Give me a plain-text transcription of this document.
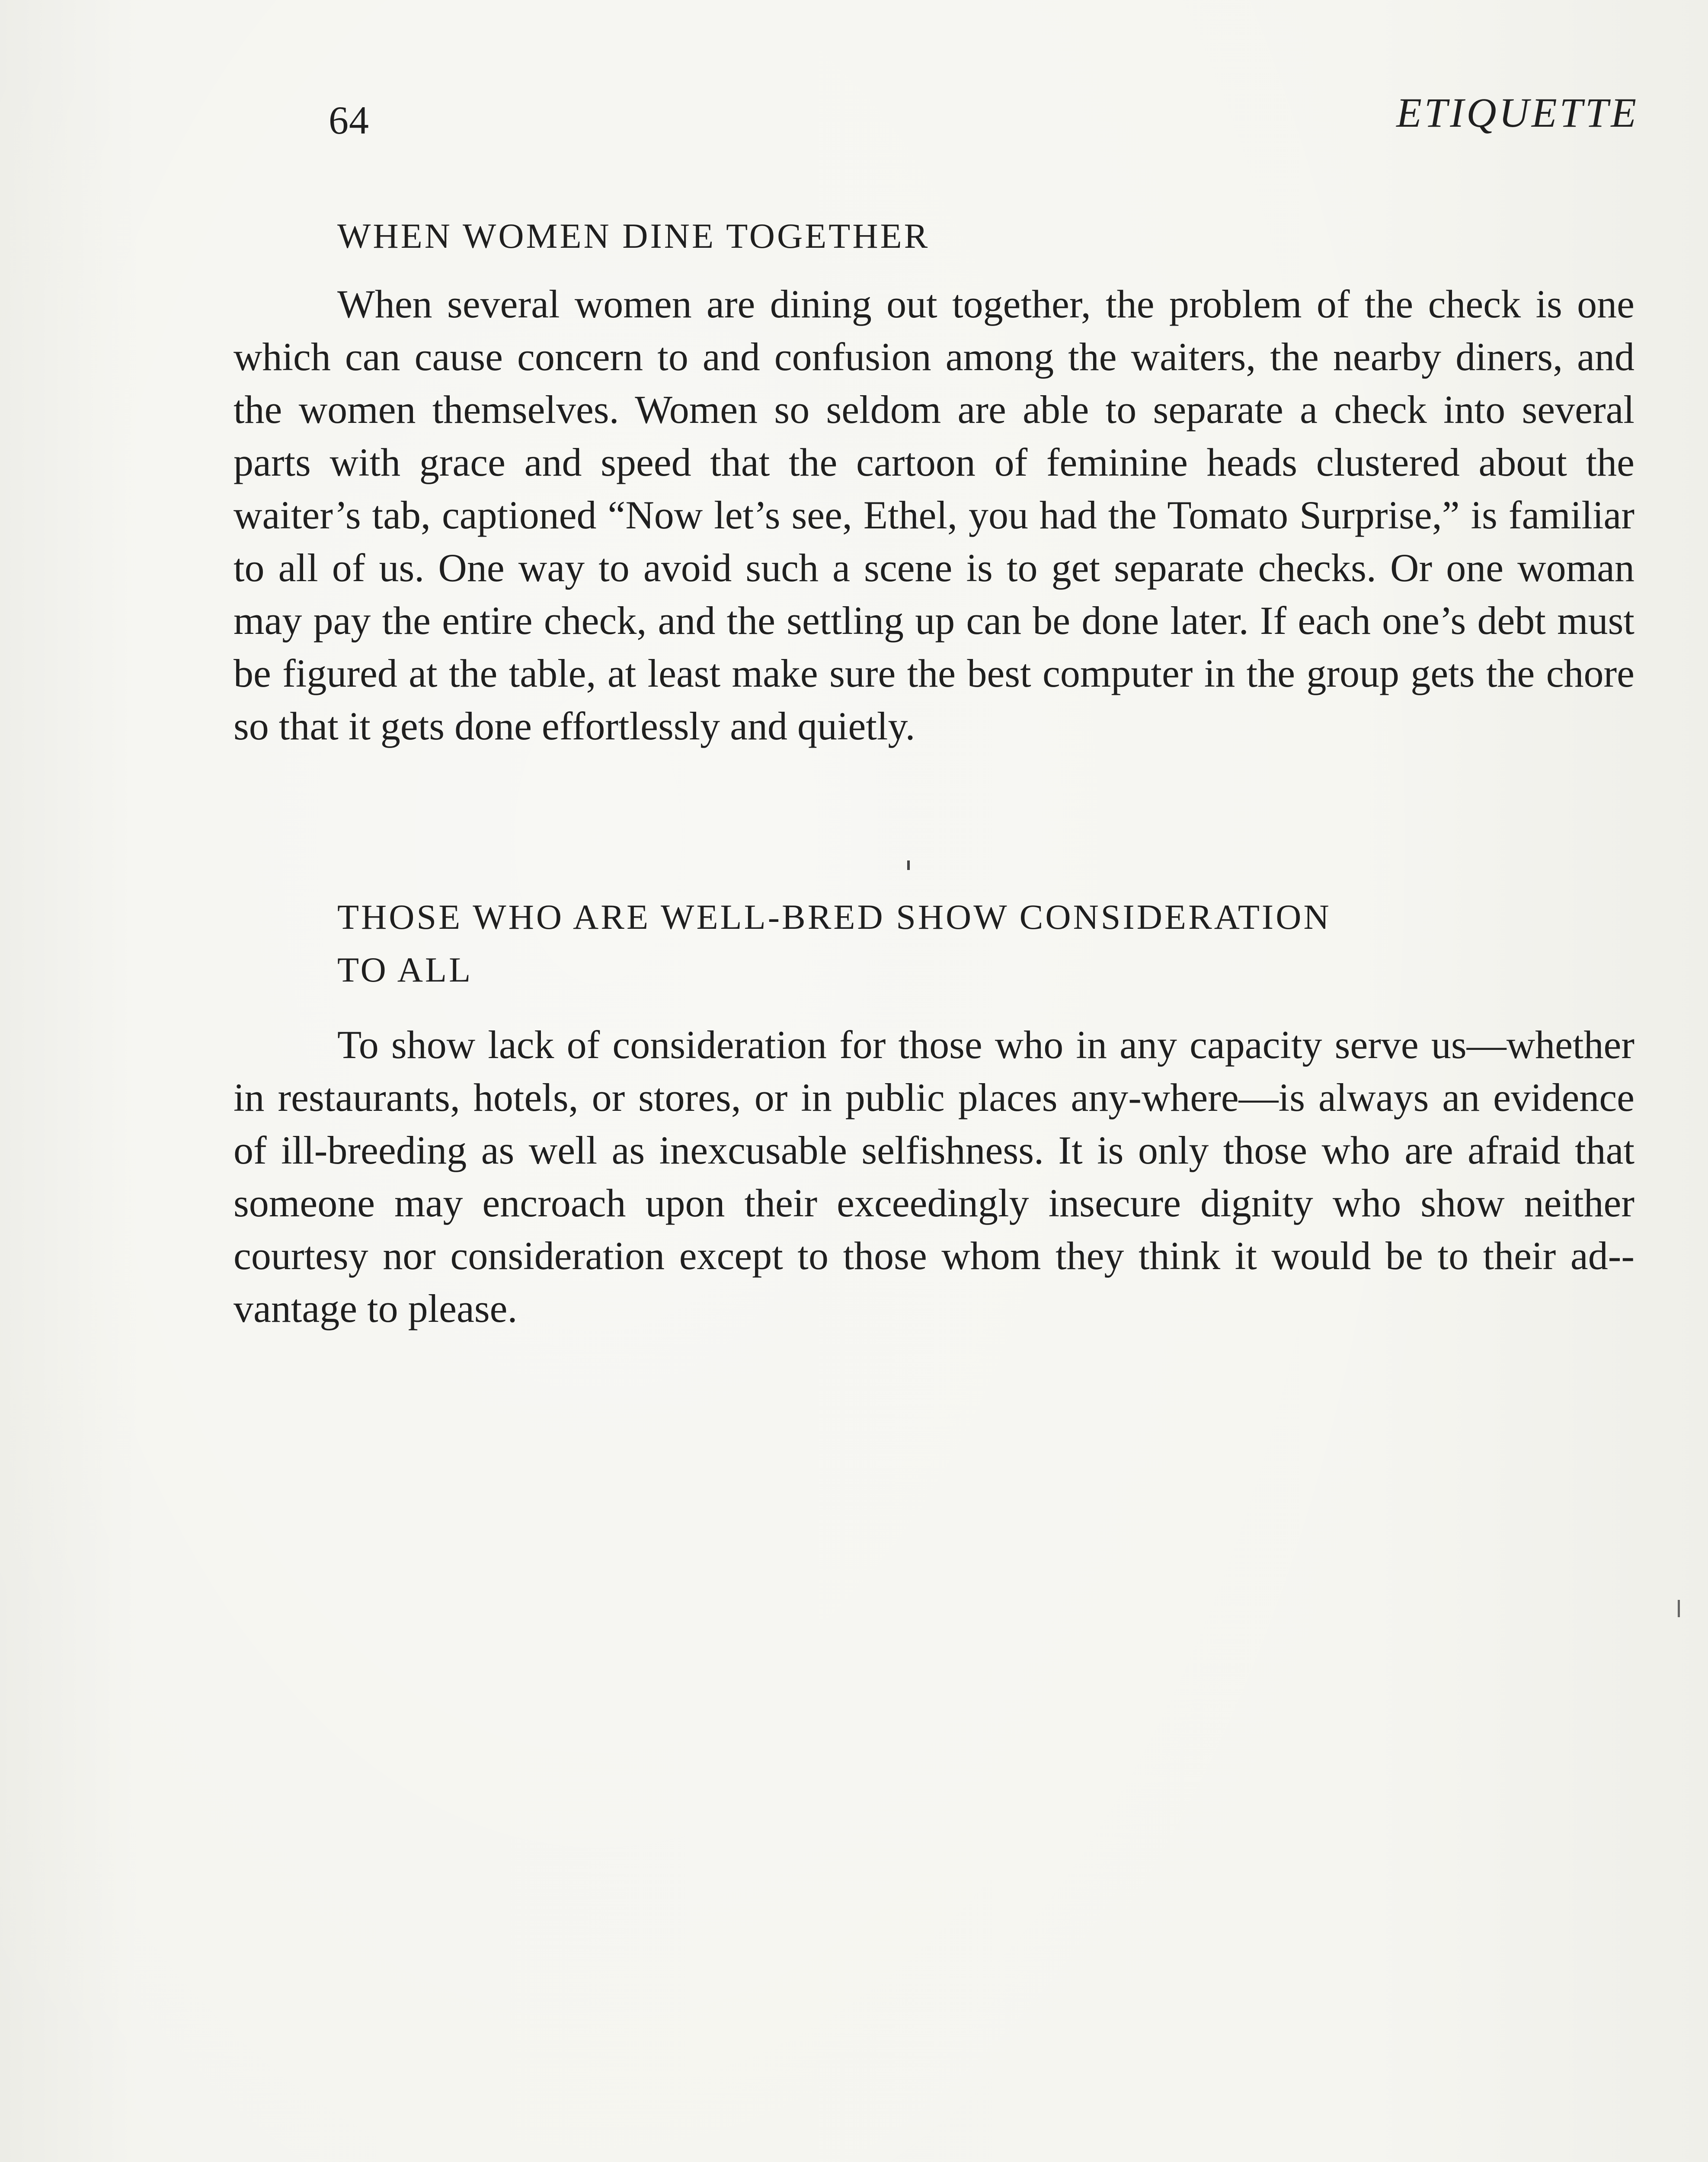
64	ETIQUETTE
WHEN WOMEN DINE TOGETHER

When several women are dining out together, the problem of the check is one which can cause concern to and confusion among the waiters, the nearby diners, and the women themselves. Women so seldom are able to separate a check into several parts with grace and speed that the cartoon of feminine heads clustered about the waiter’s tab, captioned “Now let’s see, Ethel, you had the Tomato Surprise,” is familiar to all of us. One way to avoid such a scene is to get separate checks. Or one woman may pay the entire check, and the settling up can be done later. If each one’s debt must be figured at the table, at least make sure the best computer in the group gets the chore so that it gets done effortlessly and quietly.

THOSE WHO ARE WELL-BRED SHOW CONSIDERATION TO ALL

To show lack of consideration for those who in any capacity serve us—whether in restaurants, hotels, or stores, or in public places any-where—is always an evidence of ill-breeding as well as inexcusable selfishness. It is only those who are afraid that someone may encroach upon their exceedingly insecure dignity who show neither courtesy nor consideration except to those whom they think it would be to their ad-vantage to please.
